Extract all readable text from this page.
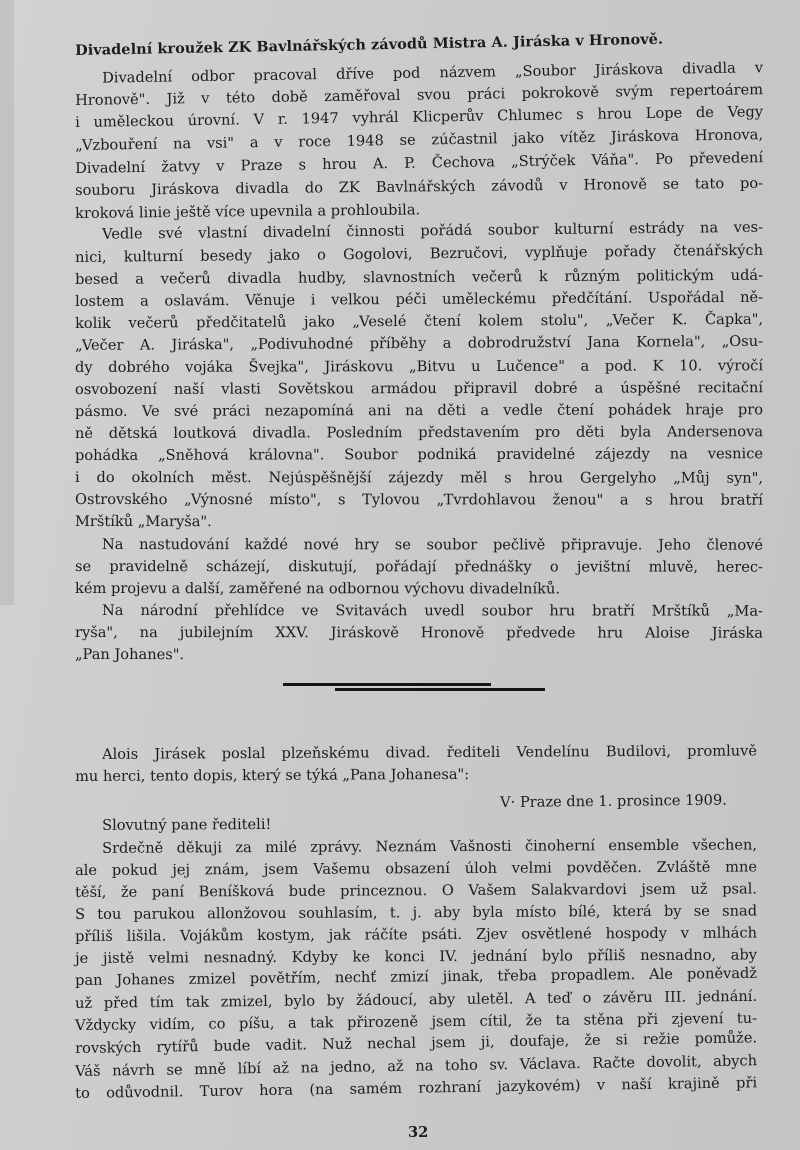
Divadelní kroužek ZK Bavlnářských závodů Mistra A. Jiráska v Hronově.
Divadelní odbor pracoval dříve pod názvem „Soubor Jiráskova divadla v
Hronově". Již v této době zaměřoval svou práci pokrokově svým repertoárem
i uměleckou úrovní. V r. 1947 vyhrál Klicperův Chlumec s hrou Lope de Vegy
„Vzbouření na vsi" a v roce 1948 se zúčastnil jako vítěz Jiráskova Hronova,
Divadelní žatvy v Praze s hrou A. P. Čechova „Strýček Váňa". Po převedení
souboru Jiráskova divadla do ZK Bavlnářských závodů v Hronově se tato po-
kroková linie ještě více upevnila a prohloubila.
Vedle své vlastní divadelní činnosti pořádá soubor kulturní estrády na ves-
nici, kulturní besedy jako o Gogolovi, Bezručovi, vyplňuje pořady čtenářských
besed a večerů divadla hudby, slavnostních večerů k různým politickým udá-
lostem a oslavám. Věnuje i velkou péči uměleckému předčítání. Uspořádal ně-
kolik večerů předčitatelů jako „Veselé čtení kolem stolu", „Večer K. Čapka",
„Večer A. Jiráska", „Podivuhodné příběhy a dobrodružství Jana Kornela", „Osu-
dy dobrého vojáka Švejka", Jiráskovu „Bitvu u Lučence" a pod. K 10. výročí
osvobození naší vlasti Sovětskou armádou připravil dobré a úspěšné recitační
pásmo. Ve své práci nezapomíná ani na děti a vedle čtení pohádek hraje pro
ně dětská loutková divadla. Posledním představením pro děti byla Andersenova
pohádka „Sněhová královna". Soubor podniká pravidelné zájezdy na vesnice
i do okolních měst. Nejúspěšnější zájezdy měl s hrou Gergelyho „Můj syn",
Ostrovského „Výnosné místo", s Tylovou „Tvrdohlavou ženou" a s hrou bratří
Mrštíků „Maryša".
Na nastudování každé nové hry se soubor pečlivě připravuje. Jeho členové
se pravidelně scházejí, diskutují, pořádají přednášky o jevištní mluvě, herec-
kém projevu a další, zaměřené na odbornou výchovu divadelníků.
Na národní přehlídce ve Svitavách uvedl soubor hru bratří Mrštíků „Ma-
ryša", na jubilejním XXV. Jiráskově Hronově předvede hru Aloise Jiráska
„Pan Johanes".
Alois Jirásek poslal plzeňskému divad. řediteli Vendelínu Budilovi, promluvě
mu herci, tento dopis, který se týká „Pana Johanesa":
V· Praze dne 1. prosince 1909.
Slovutný pane řediteli!
Srdečně děkuji za milé zprávy. Neznám Vašnosti činoherní ensemble všechen,
ale pokud jej znám, jsem Vašemu obsazení úloh velmi povděčen. Zvláště mne
těší, že paní Beníšková bude princeznou. O Vašem Salakvardovi jsem už psal.
S tou parukou allonžovou souhlasím, t. j. aby byla místo bílé, která by se snad
příliš lišila. Vojákům kostym, jak ráčíte psáti. Zjev osvětlené hospody v mlhách
je jistě velmi nesnadný. Kdyby ke konci IV. jednání bylo příliš nesnadno, aby
pan Johanes zmizel povětřím, nechť zmizí jinak, třeba propadlem. Ale poněvadž
už před tím tak zmizel, bylo by žádoucí, aby uletěl. A teď o závěru III. jednání.
Vždycky vidím, co píšu, a tak přirozeně jsem cítil, že ta stěna při zjevení tu-
rovských rytířů bude vadit. Nuž nechal jsem ji, doufaje, že si režie pomůže.
Váš návrh se mně líbí až na jedno, až na toho sv. Václava. Račte dovolit, abych
to odůvodnil. Turov hora (na samém rozhraní jazykovém) v naší krajině při
32
